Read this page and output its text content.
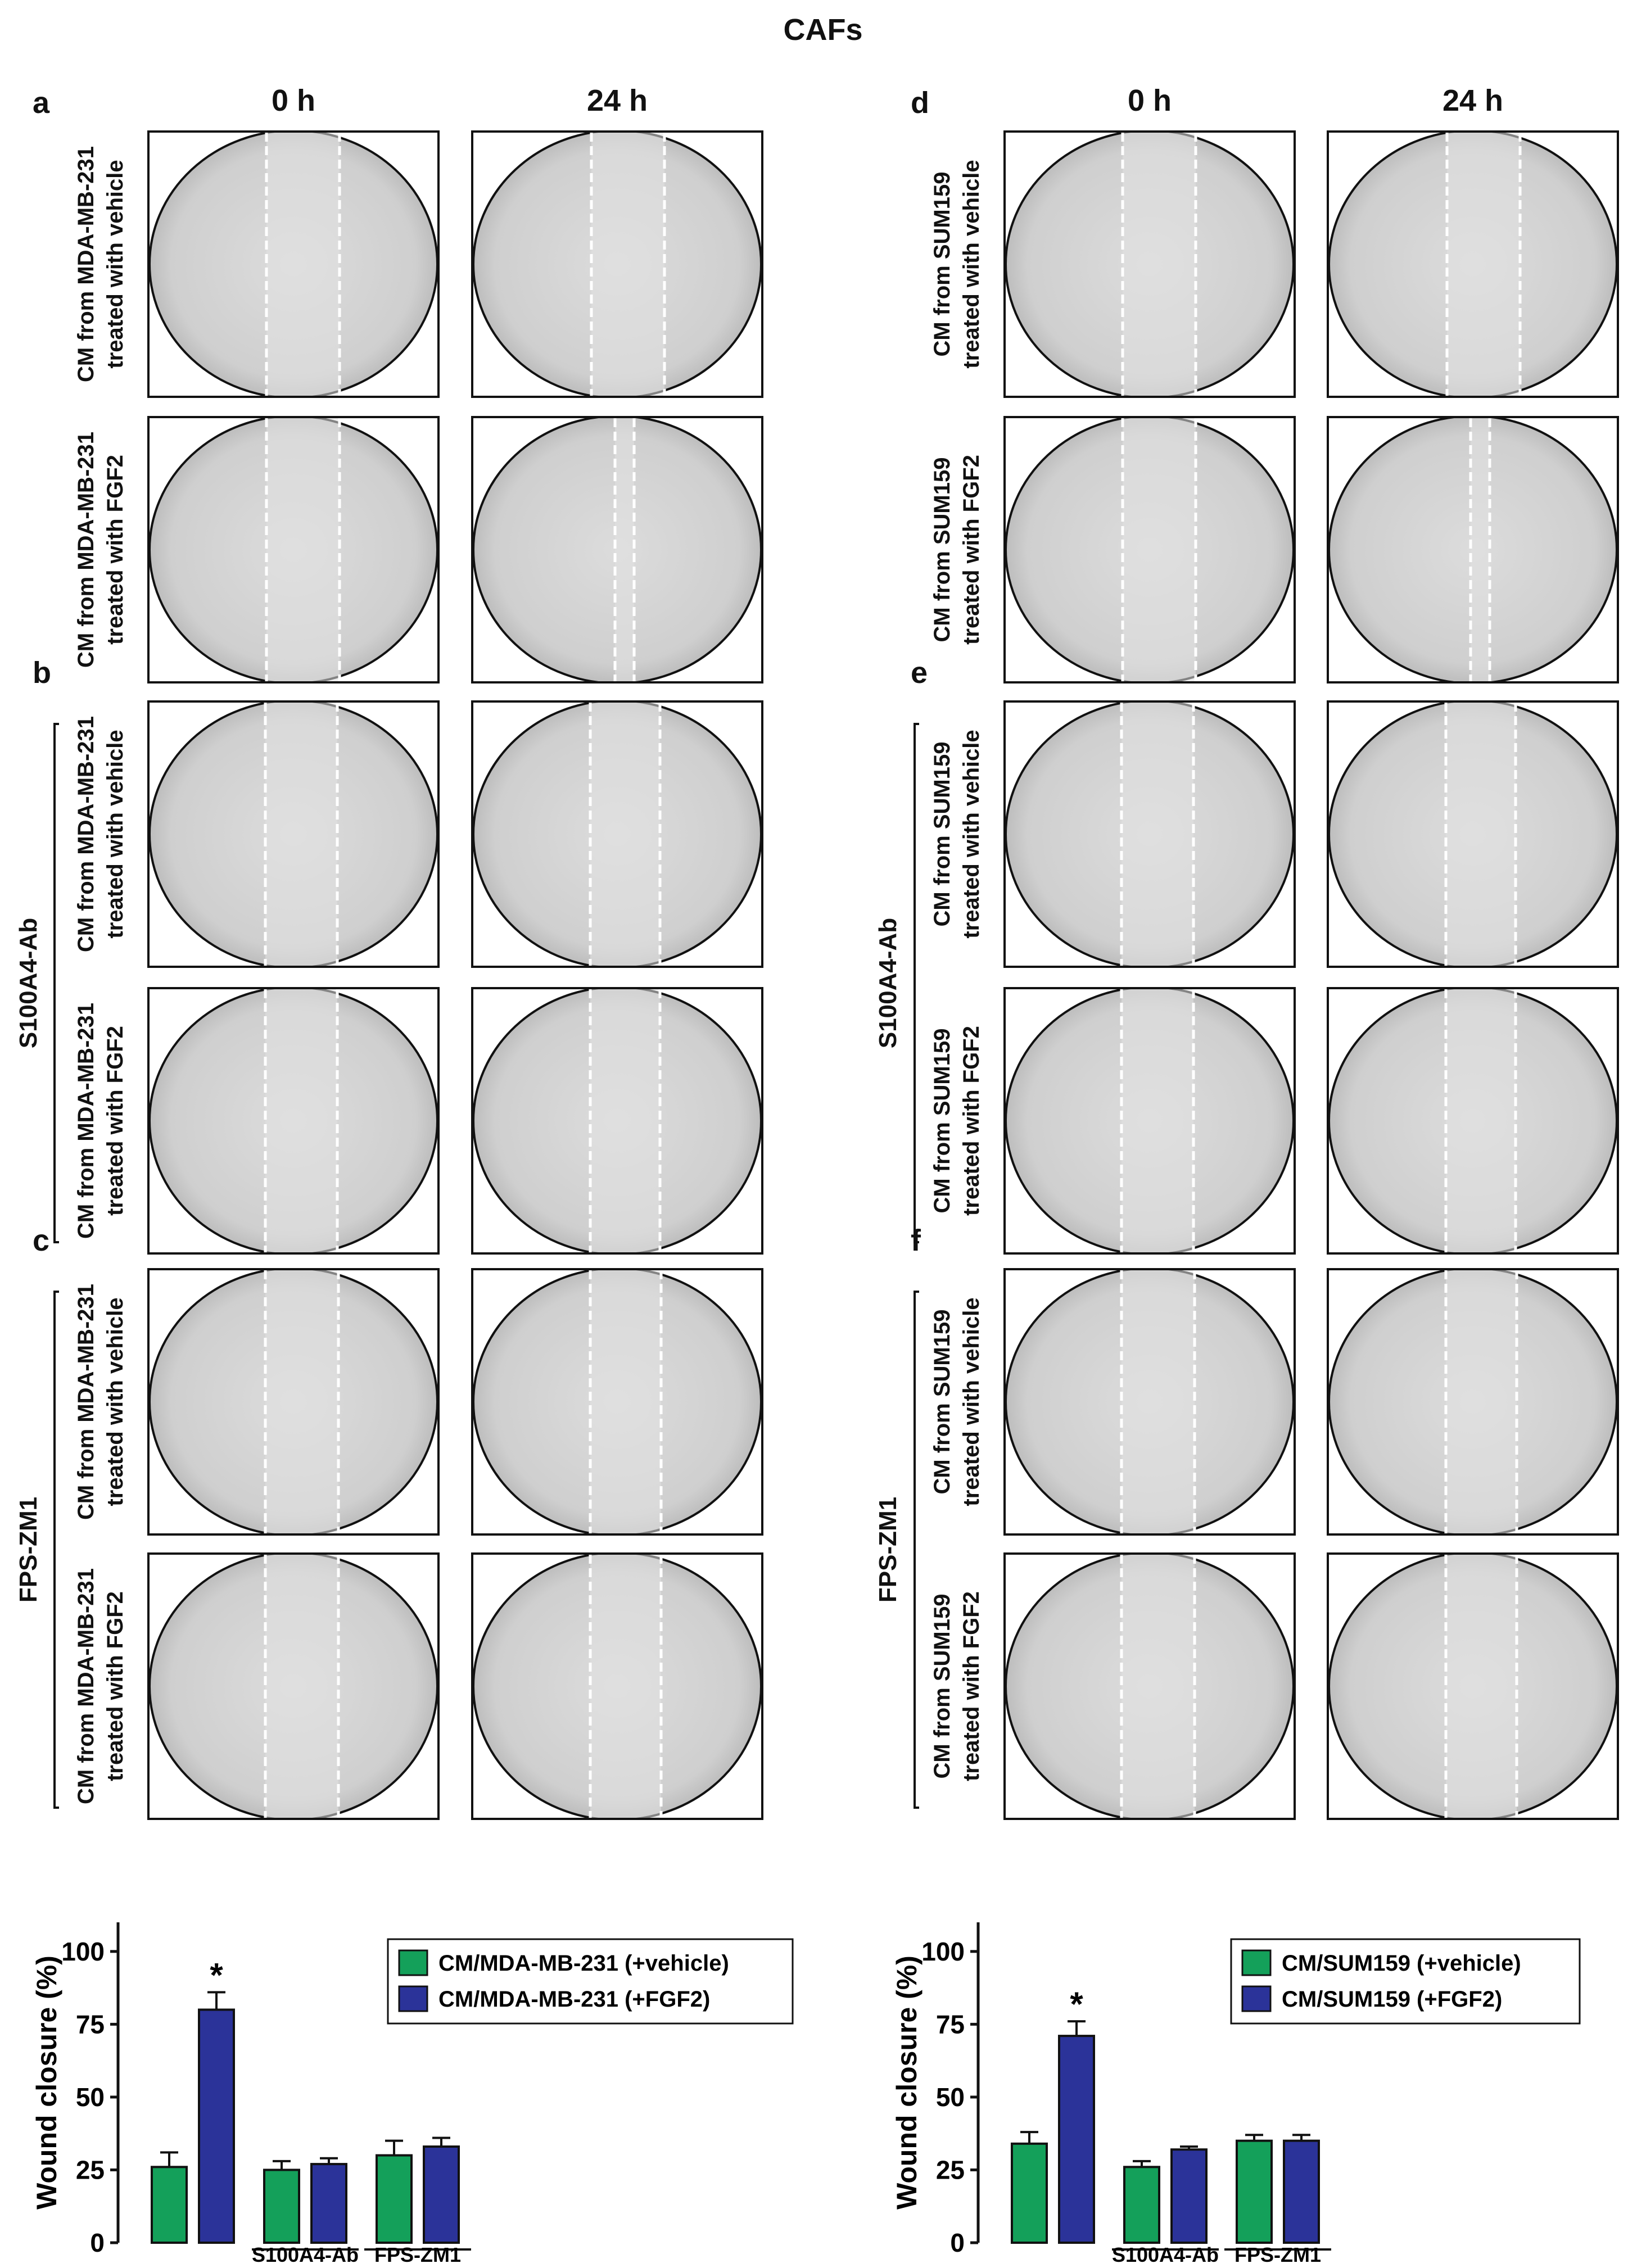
CAFs
0 h	24 h	0 h	24 h
a
CM from MDA-MB-231 treated with vehicle
CM from MDA-MB-231 treated with FGF2
b
S100A4-Ab
CM from MDA-MB-231 treated with vehicle
CM from MDA-MB-231 treated with FGF2
c
FPS-ZM1
CM from MDA-MB-231 treated with vehicle
CM from MDA-MB-231 treated with FGF2
d
CM from SUM159 treated with vehicle
CM from SUM159 treated with FGF2
e
S100A4-Ab
CM from SUM159 treated with vehicle
CM from SUM159 treated with FGF2
f
FPS-ZM1
CM from SUM159 treated with vehicle
CM from SUM159 treated with FGF2
0
25
50
75
100
Wound closure (%)	*
S100A4-Ab FPS-ZM1
CM/MDA-MB-231 (+vehicle)
CM/MDA-MB-231 (+FGF2)
0
25
50
75
100
Wound closure (%)	*
S100A4-Ab FPS-ZM1
CM/SUM159 (+vehicle)
CM/SUM159 (+FGF2)
